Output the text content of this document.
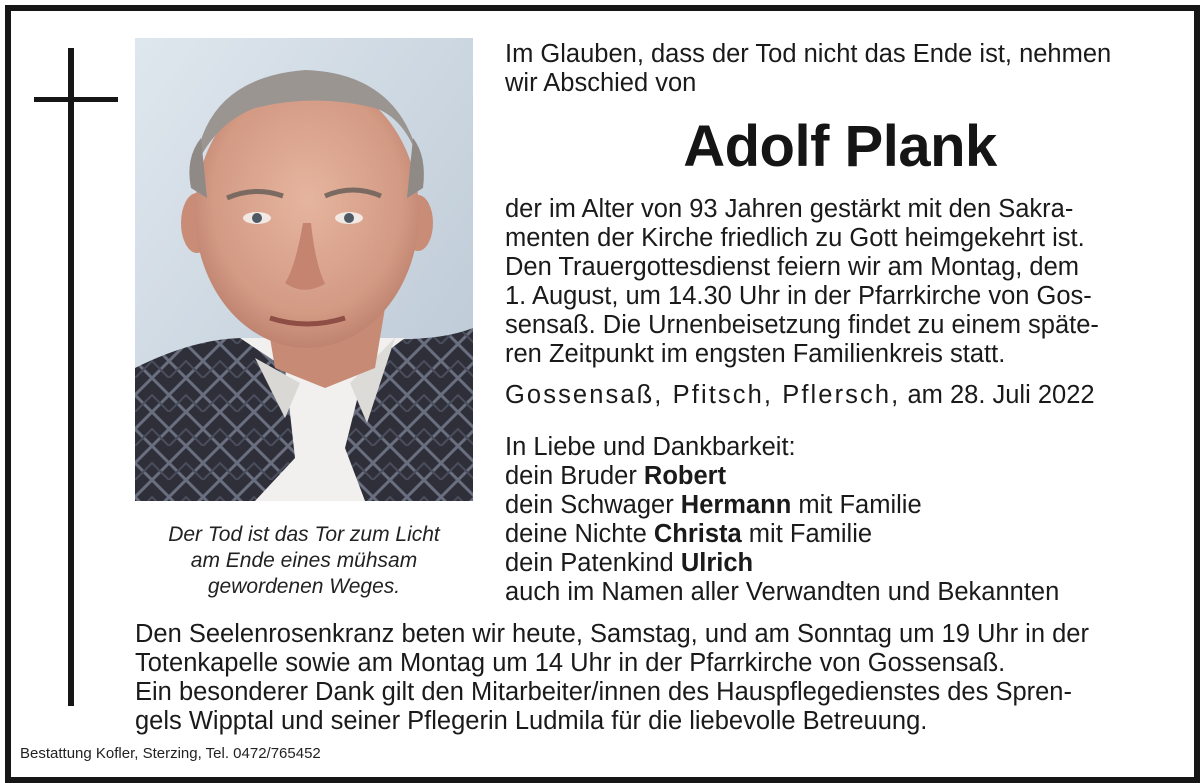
Der Tod ist das Tor zum Licht
am Ende eines mühsam
gewordenen Weges.
Im Glauben, dass der Tod nicht das Ende ist, nehmen
wir Abschied von
Adolf Plank
der im Alter von 93 Jahren gestärkt mit den Sakra-
menten der Kirche friedlich zu Gott heimgekehrt ist.
Den Trauergottesdienst feiern wir am Montag, dem
1. August, um 14.30 Uhr in der Pfarrkirche von Gos-
sensaß. Die Urnenbeisetzung findet zu einem späte-
ren Zeitpunkt im engsten Familienkreis statt.
Gossensaß, Pfitsch, Pflersch, am 28. Juli 2022
In Liebe und Dankbarkeit:
dein Bruder Robert
dein Schwager Hermann mit Familie
deine Nichte Christa mit Familie
dein Patenkind Ulrich
auch im Namen aller Verwandten und Bekannten
Den Seelenrosenkranz beten wir heute, Samstag, und am Sonntag um 19 Uhr in der
Totenkapelle sowie am Montag um 14 Uhr in der Pfarrkirche von Gossensaß.
Ein besonderer Dank gilt den Mitarbeiter/innen des Hauspflegedienstes des Spren-
gels Wipptal und seiner Pflegerin Ludmila für die liebevolle Betreuung.
Bestattung Kofler, Sterzing, Tel. 0472/765452
